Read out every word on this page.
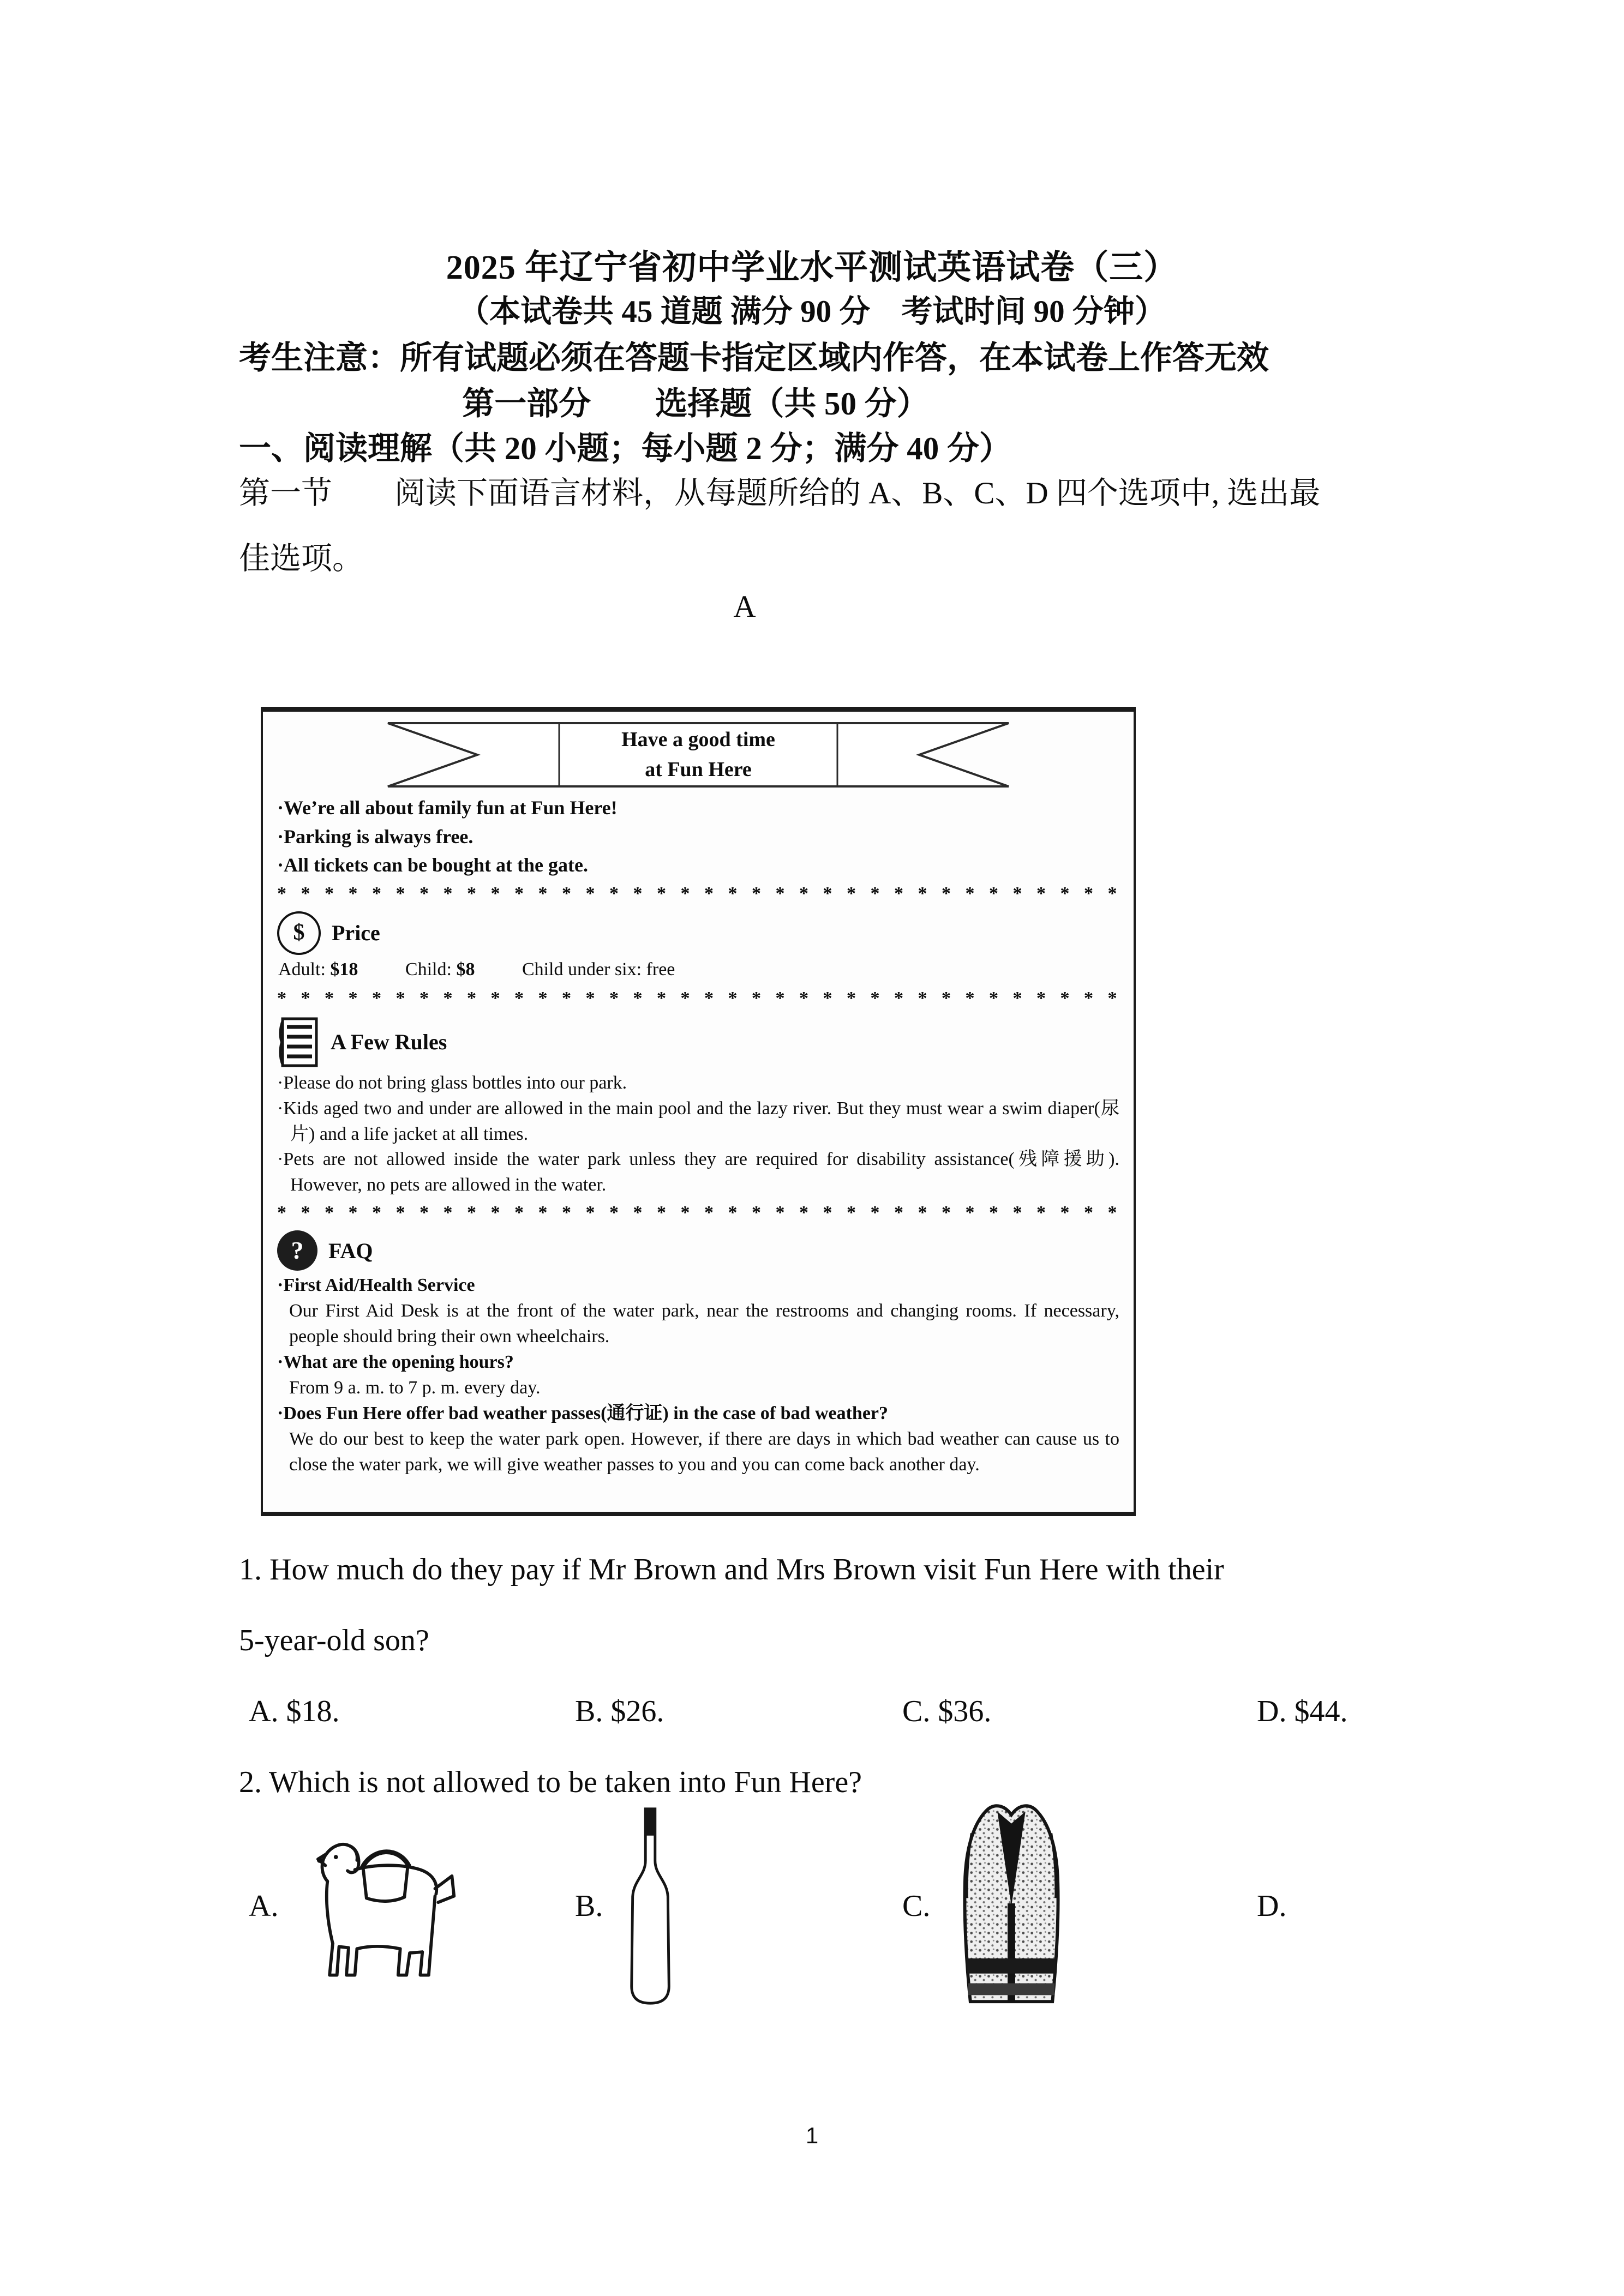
2025 年辽宁省初中学业水平测试英语试卷（三）
（本试卷共 45 道题 满分 90 分　考试时间 90 分钟）
考生注意：所有试题必须在答题卡指定区域内作答，在本试卷上作答无效
第一部分　　选择题（共 50 分）
一、阅读理解（共 20 小题；每小题 2 分；满分 40 分）
第一节　　阅读下面语言材料，从每题所给的 A、B、C、D 四个选项中, 选出最
佳选项。
A
Have a good time
at Fun Here

·We’re all about family fun at Fun Here!

·Parking is always free.

·All tickets can be bought at the gate.

* * * * * * * * * * * * * * * * * * * * * * * * * * * * * * * * * * * *
$	Price
Adult: $18	Child: $8	Child under six: free
* * * * * * * * * * * * * * * * * * * * * * * * * * * * * * * * * * * *
A Few Rules

·Please do not bring glass bottles into our park.

·Kids aged two and under are allowed in the main pool and the lazy river. But they must wear a swim diaper(尿片) and a life jacket at all times.

·Pets are not allowed inside the water park unless they are required for disability assistance(残障援助). However, no pets are allowed in the water.

* * * * * * * * * * * * * * * * * * * * * * * * * * * * * * * * * * * *
?	FAQ

·First Aid/Health Service

Our First Aid Desk is at the front of the water park, near the restrooms and changing rooms. If necessary, people should bring their own wheelchairs.

·What are the opening hours?

From 9 a. m. to 7 p. m. every day.

·Does Fun Here offer bad weather passes(通行证) in the case of bad weather?

We do our best to keep the water park open. However, if there are days in which bad weather can cause us to close the water park, we will give weather passes to you and you can come back another day.

1. How much do they pay if Mr Brown and Mrs Brown visit Fun Here with their
5-year-old son?
A. $18.	B. $26.	C. $36.	D. $44.
2. Which is not allowed to be taken into Fun Here?
A.	B.	C.	D.
1
